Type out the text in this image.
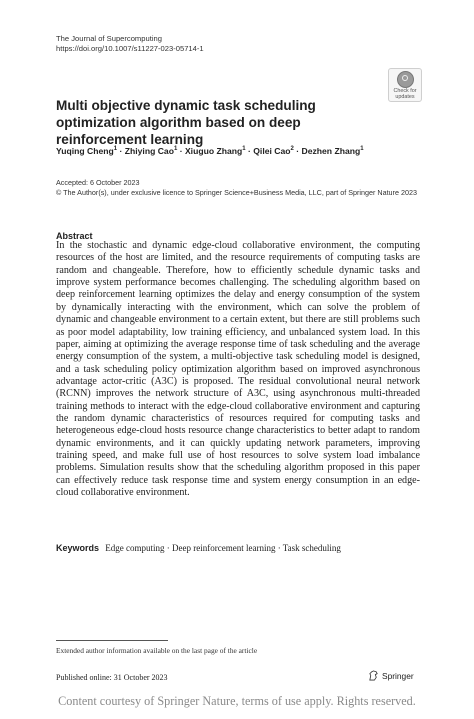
The Journal of Supercomputing
https://doi.org/10.1007/s11227-023-05714-1
Check for
updates
Multi objective dynamic task scheduling optimization algorithm based on deep reinforcement learning
Yuqing Cheng$^1$ · Zhiying Cao$^1$ · Xiuguo Zhang$^1$ · Qilei Cao$^2$ · Dezhen Zhang$^1$
Accepted: 6 October 2023
© The Author(s), under exclusive licence to Springer Science+Business Media, LLC, part of Springer Nature 2023
Abstract

In the stochastic and dynamic edge-cloud collaborative environment, the computing resources of the host are limited, and the resource requirements of computing tasks are random and changeable. Therefore, how to efficiently schedule dynamic tasks and improve system performance becomes challenging. The scheduling algorithm based on deep reinforcement learning optimizes the delay and energy consumption of the system by dynamically interacting with the environment, which can solve the problem of dynamic and changeable environment to a certain extent, but there are still problems such as poor model adaptability, low training efficiency, and unbalanced system load. In this paper, aiming at optimizing the average response time of task scheduling and the average energy consumption of the system, a multi-objective task scheduling model is designed, and a task scheduling policy optimization algorithm based on improved asynchronous advantage actor-critic (A3C) is proposed. The residual convolutional neural network (RCNN) improves the network structure of A3C, using asynchronous multi-threaded training methods to interact with the edge-cloud collaborative environment and capturing the random dynamic characteristics of resources required for computing tasks and heterogeneous edge-cloud hosts resource change characteristics to better adapt to random dynamic environments, and it can quickly updating network parameters, improving training speed, and make full use of host resources to solve system load imbalance problems. Simulation results show that the scheduling algorithm proposed in this paper can effectively reduce task response time and system energy consumption in an edge-cloud collaborative environment.

Keywords Edge computing · Deep reinforcement learning · Task scheduling
Extended author information available on the last page of the article
Published online: 31 October 2023	Springer
Content courtesy of Springer Nature, terms of use apply. Rights reserved.
